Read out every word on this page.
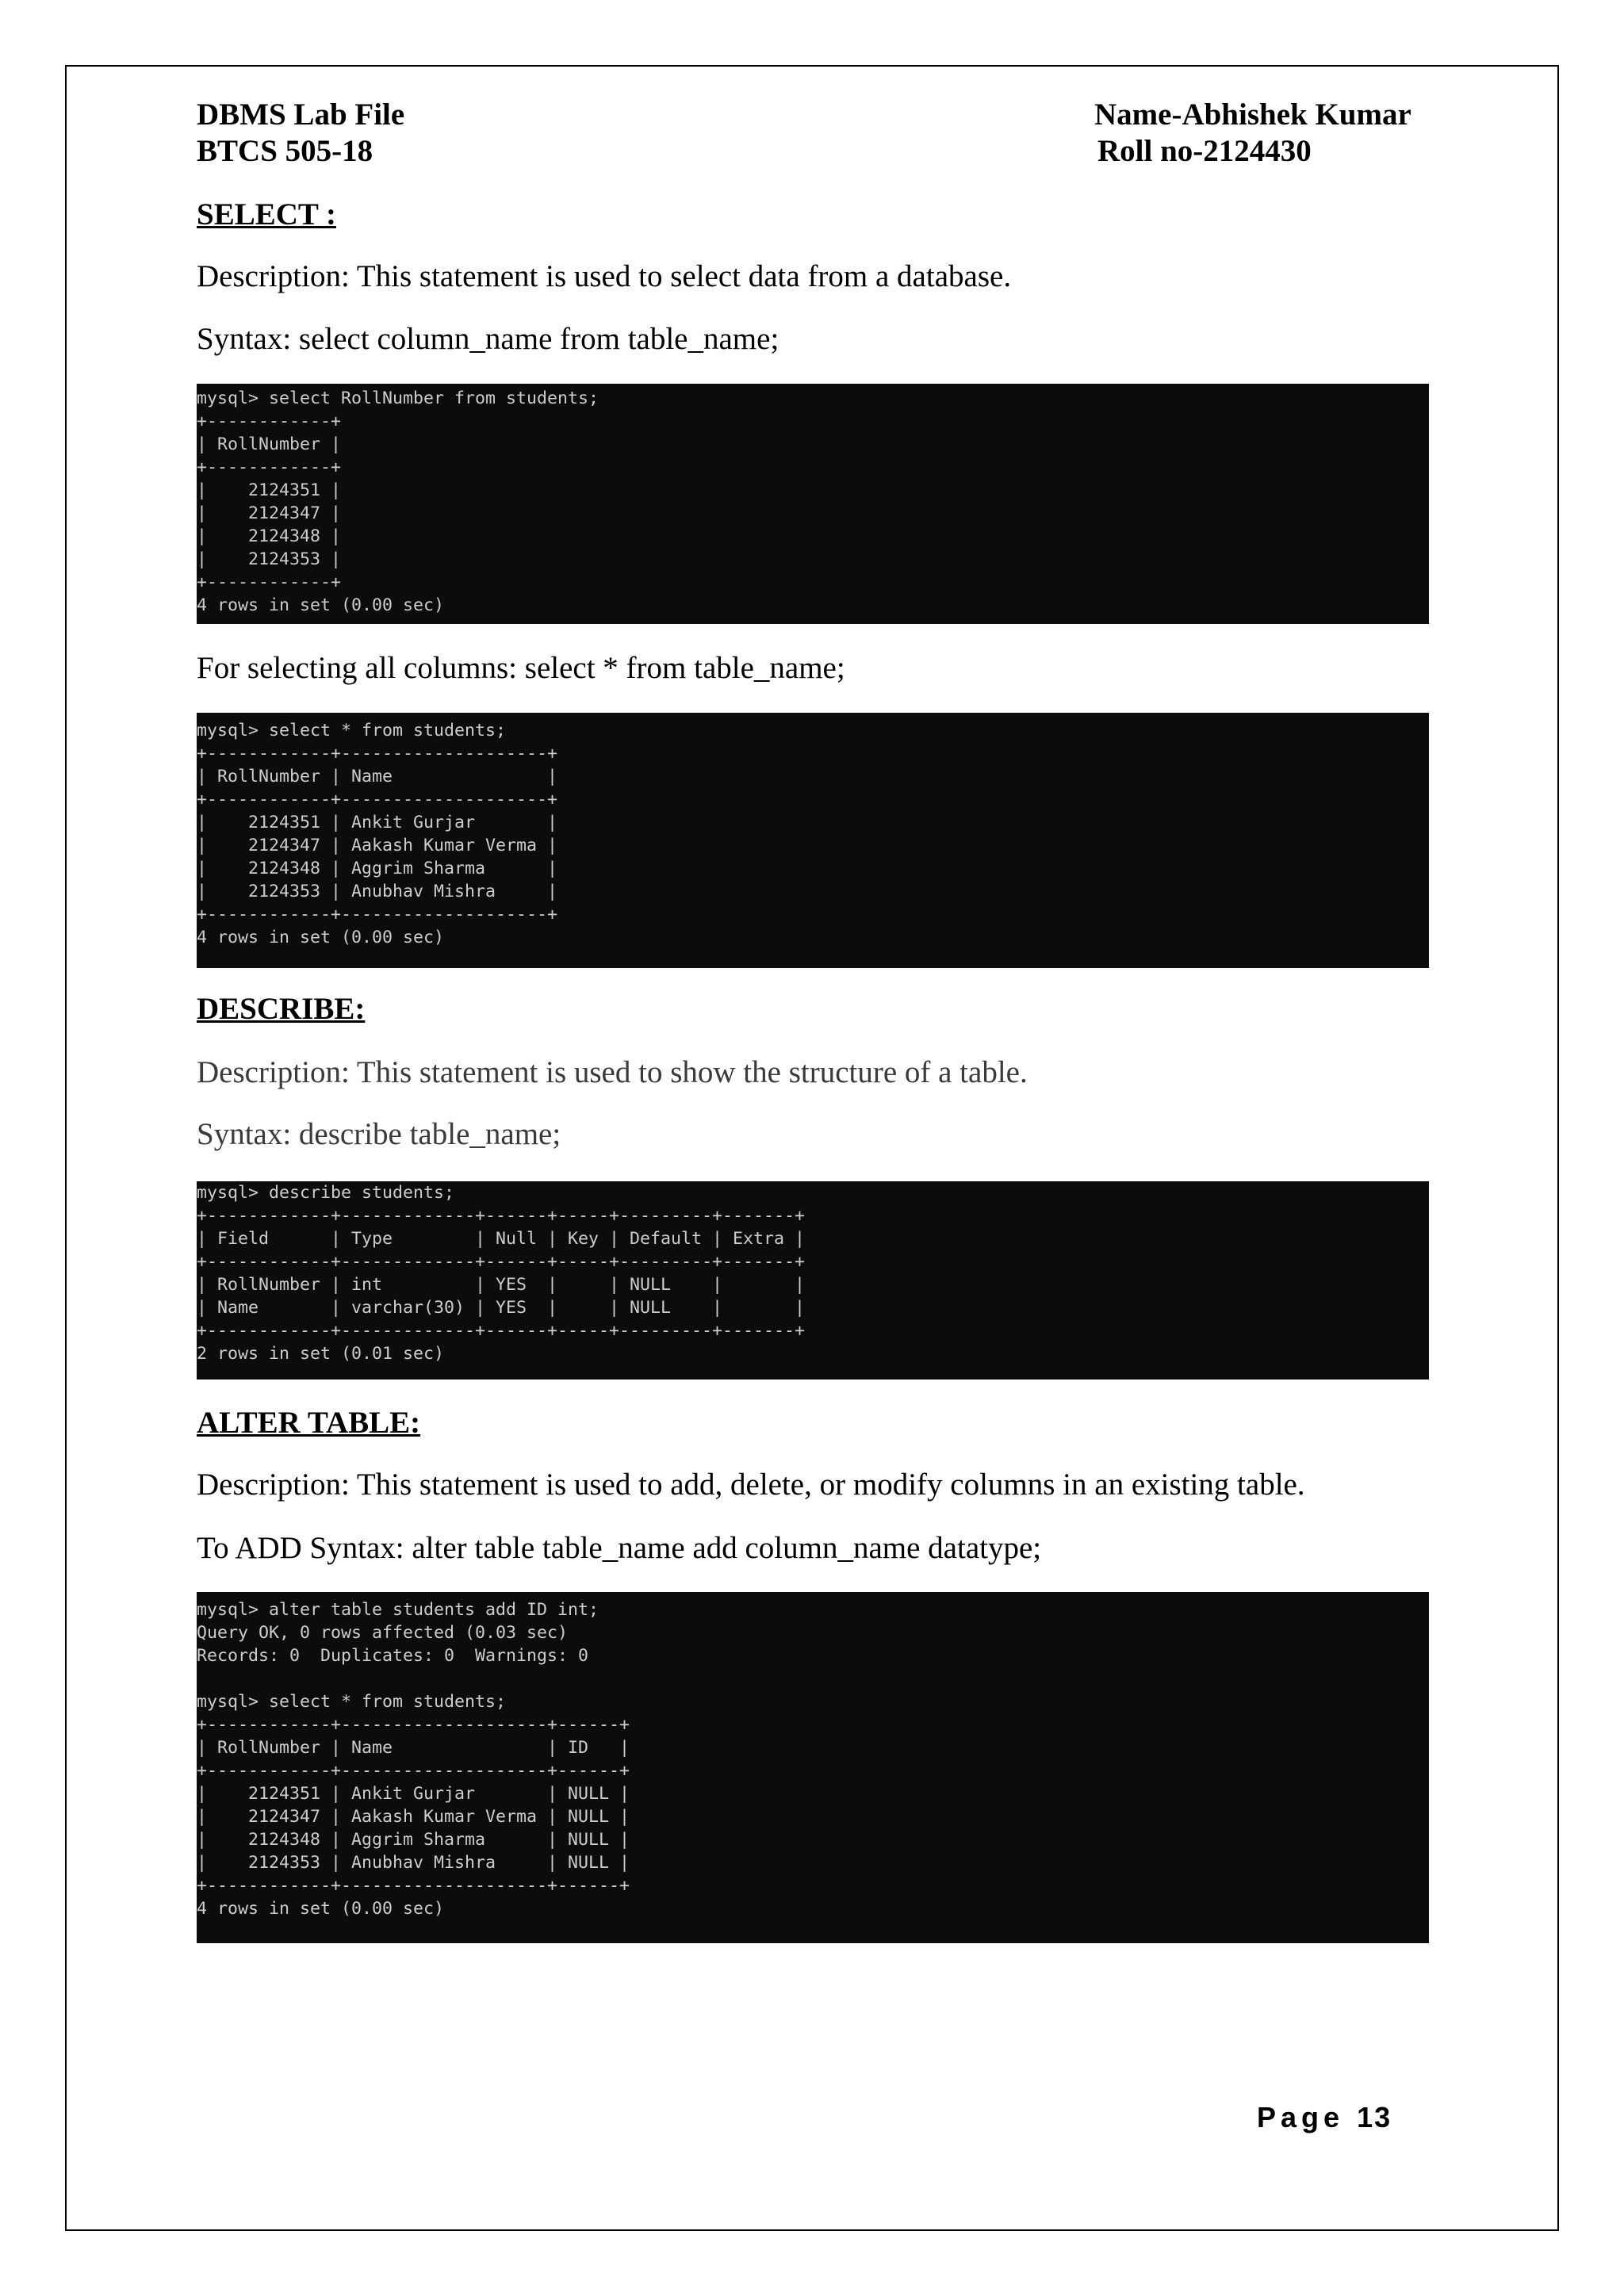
DBMS Lab File
BTCS 505-18
Name-Abhishek Kumar
Roll no-2124430
SELECT :
Description: This statement is used to select data from a database.
Syntax: select column_name from table_name;
mysql> select RollNumber from students;
+------------+
| RollNumber |
+------------+
|    2124351 |
|    2124347 |
|    2124348 |
|    2124353 |
+------------+
4 rows in set (0.00 sec)
For selecting all columns: select * from table_name;
mysql> select * from students;
+------------+--------------------+
| RollNumber | Name               |
+------------+--------------------+
|    2124351 | Ankit Gurjar       |
|    2124347 | Aakash Kumar Verma |
|    2124348 | Aggrim Sharma      |
|    2124353 | Anubhav Mishra     |
+------------+--------------------+
4 rows in set (0.00 sec)
DESCRIBE:
Description: This statement is used to show the structure of a table.
Syntax: describe table_name;
mysql> describe students;
+------------+-------------+------+-----+---------+-------+
| Field      | Type        | Null | Key | Default | Extra |
+------------+-------------+------+-----+---------+-------+
| RollNumber | int         | YES  |     | NULL    |       |
| Name       | varchar(30) | YES  |     | NULL    |       |
+------------+-------------+------+-----+---------+-------+
2 rows in set (0.01 sec)
ALTER TABLE:
Description: This statement is used to add, delete, or modify columns in an existing table.
To ADD Syntax: alter table table_name add column_name datatype;
mysql> alter table students add ID int;
Query OK, 0 rows affected (0.03 sec)
Records: 0  Duplicates: 0  Warnings: 0

mysql> select * from students;
+------------+--------------------+------+
| RollNumber | Name               | ID   |
+------------+--------------------+------+
|    2124351 | Ankit Gurjar       | NULL |
|    2124347 | Aakash Kumar Verma | NULL |
|    2124348 | Aggrim Sharma      | NULL |
|    2124353 | Anubhav Mishra     | NULL |
+------------+--------------------+------+
4 rows in set (0.00 sec)
Page 13
